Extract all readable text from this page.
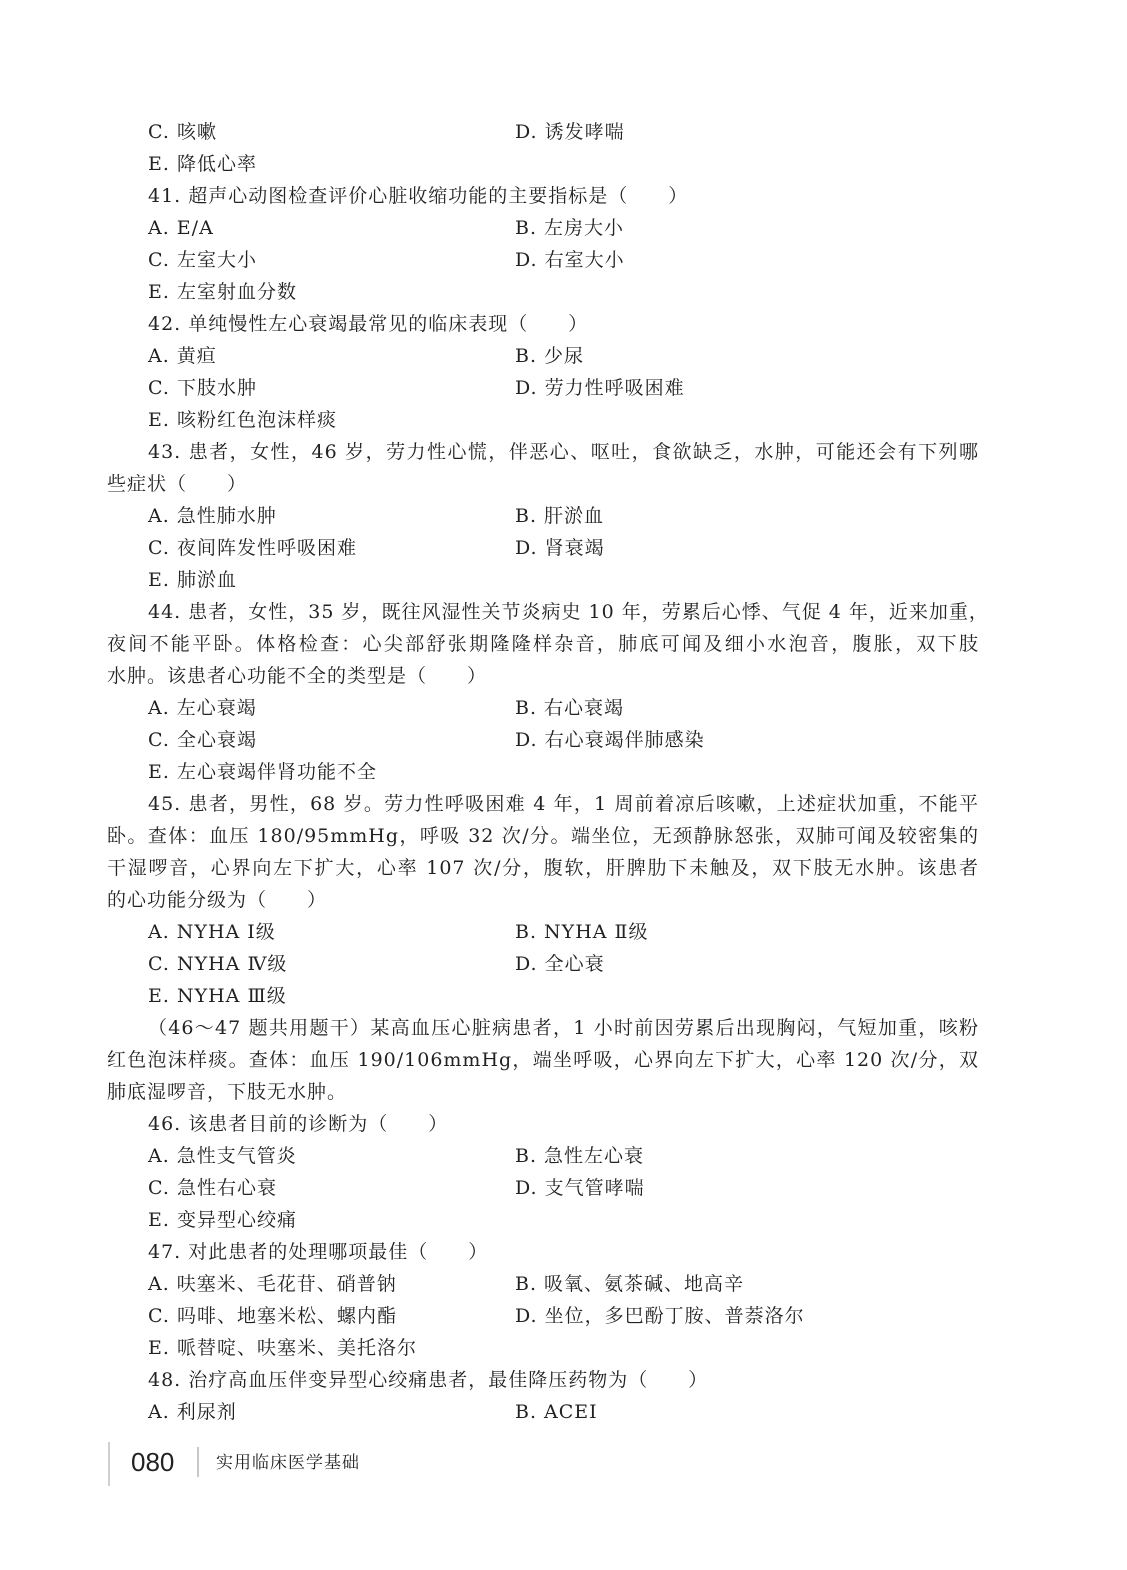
C. 咳嗽	D. 诱发哮喘
E. 降低心率
41. 超声心动图检查评价心脏收缩功能的主要指标是（　　）
A. E/A	B. 左房大小
C. 左室大小	D. 右室大小
E. 左室射血分数
42. 单纯慢性左心衰竭最常见的临床表现（　　）
A. 黄疸	B. 少尿
C. 下肢水肿	D. 劳力性呼吸困难
E. 咳粉红色泡沫样痰
43. 患者，女性，46 岁，劳力性心慌，伴恶心、呕吐，食欲缺乏，水肿，可能还会有下列哪
些症状（　　）
A. 急性肺水肿	B. 肝淤血
C. 夜间阵发性呼吸困难	D. 肾衰竭
E. 肺淤血
44. 患者，女性，35 岁，既往风湿性关节炎病史 10 年，劳累后心悸、气促 4 年，近来加重，
夜间不能平卧。体格检查：心尖部舒张期隆隆样杂音，肺底可闻及细小水泡音，腹胀，双下肢
水肿。该患者心功能不全的类型是（　　）
A. 左心衰竭	B. 右心衰竭
C. 全心衰竭	D. 右心衰竭伴肺感染
E. 左心衰竭伴肾功能不全
45. 患者，男性，68 岁。劳力性呼吸困难 4 年，1 周前着凉后咳嗽，上述症状加重，不能平
卧。查体：血压 180/95mmHg，呼吸 32 次/分。端坐位，无颈静脉怒张，双肺可闻及较密集的
干湿啰音，心界向左下扩大，心率 107 次/分，腹软，肝脾肋下未触及，双下肢无水肿。该患者
的心功能分级为（　　）
A. NYHA Ⅰ级	B. NYHA Ⅱ级
C. NYHA Ⅳ级	D. 全心衰
E. NYHA Ⅲ级
（46～47 题共用题干）某高血压心脏病患者，1 小时前因劳累后出现胸闷，气短加重，咳粉
红色泡沫样痰。查体：血压 190/106mmHg，端坐呼吸，心界向左下扩大，心率 120 次/分，双
肺底湿啰音，下肢无水肿。
46. 该患者目前的诊断为（　　）
A. 急性支气管炎	B. 急性左心衰
C. 急性右心衰	D. 支气管哮喘
E. 变异型心绞痛
47. 对此患者的处理哪项最佳（　　）
A. 呋塞米、毛花苷、硝普钠	B. 吸氧、氨茶碱、地高辛
C. 吗啡、地塞米松、螺内酯	D. 坐位，多巴酚丁胺、普萘洛尔
E. 哌替啶、呋塞米、美托洛尔
48. 治疗高血压伴变异型心绞痛患者，最佳降压药物为（　　）
A. 利尿剂	B. ACEI
080 实用临床医学基础
